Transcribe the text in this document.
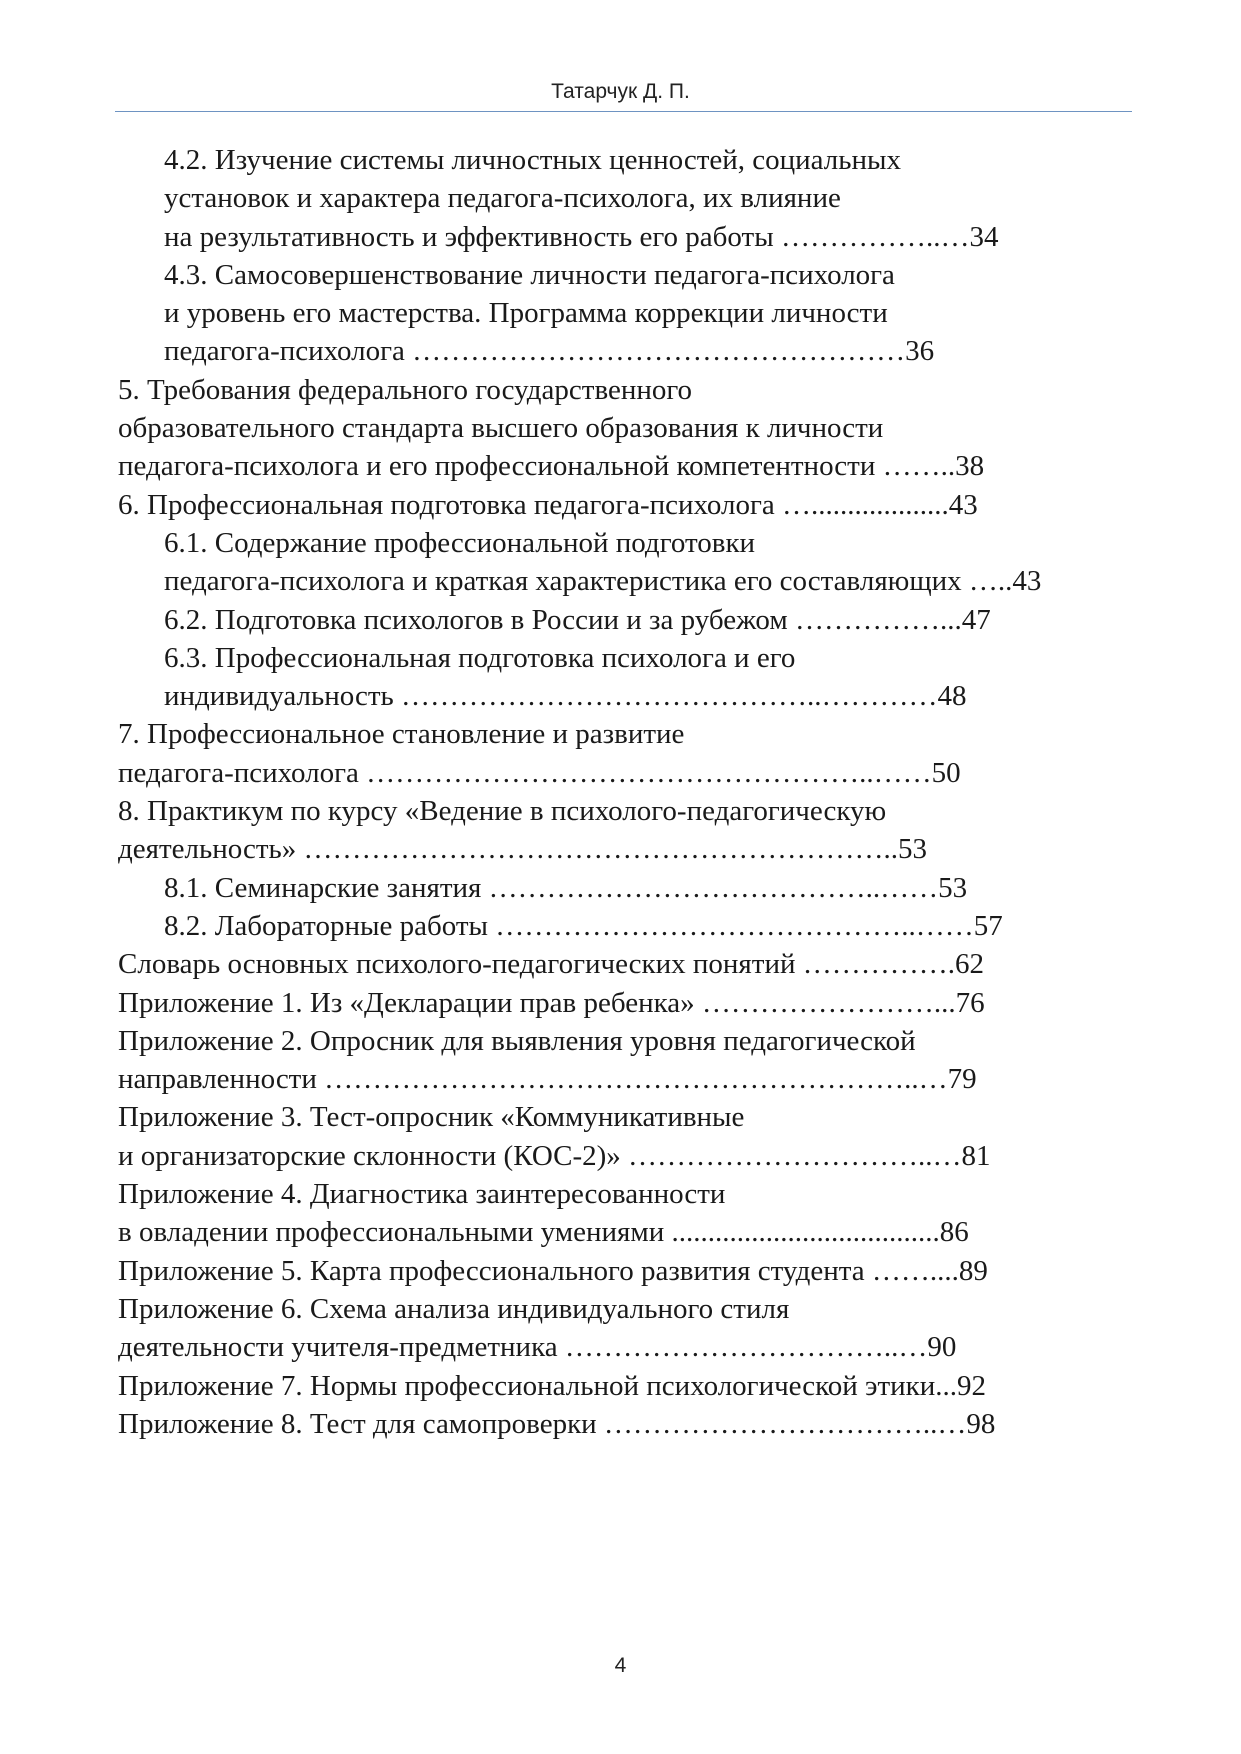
Татарчук Д. П.
4.2. Изучение системы личностных ценностей, социальных
установок и характера педагога-психолога, их влияние
на результативность и эффективность его работы ……………..…34
4.3. Самосовершенствование личности педагога-психолога
и уровень его мастерства. Программа коррекции личности
педагога-психолога ……………………………………………36
5. Требования федерального государственного
образовательного стандарта высшего образования к личности
педагога-психолога и его профессиональной компетентности ……..38
6. Профессиональная подготовка педагога-психолога …...................43
6.1. Содержание профессиональной подготовки
педагога-психолога и краткая характеристика его составляющих …..43
6.2. Подготовка психологов в России и за рубежом ……………...47
6.3. Профессиональная подготовка психолога и его
индивидуальность ……………………………………..…………48
7. Профессиональное становление и развитие
педагога-психолога ……………………………………………..……50
8. Практикум по курсу «Ведение в психолого-педагогическую
деятельность» ……………………………………………………..53
8.1. Семинарские занятия …………………………………..……53
8.2. Лабораторные работы ……………………………………..……57
Словарь основных психолого-педагогических понятий …………….62
Приложение 1. Из «Декларации прав ребенка» ……………………...76
Приложение 2. Опросник для выявления уровня педагогической
направленности ……………………………………………………..…79
Приложение 3. Тест-опросник «Коммуникативные
и организаторские склонности (КОС-2)» …………………………..…81
Приложение 4. Диагностика заинтересованности
в овладении профессиональными умениями .....................................86
Приложение 5. Карта профессионального развития студента ……....89
Приложение 6. Схема анализа индивидуального стиля
деятельности учителя-предметника ……………………………..…90
Приложение 7. Нормы профессиональной психологической этики...92
Приложение 8. Тест для самопроверки ……………………………..…98
4
